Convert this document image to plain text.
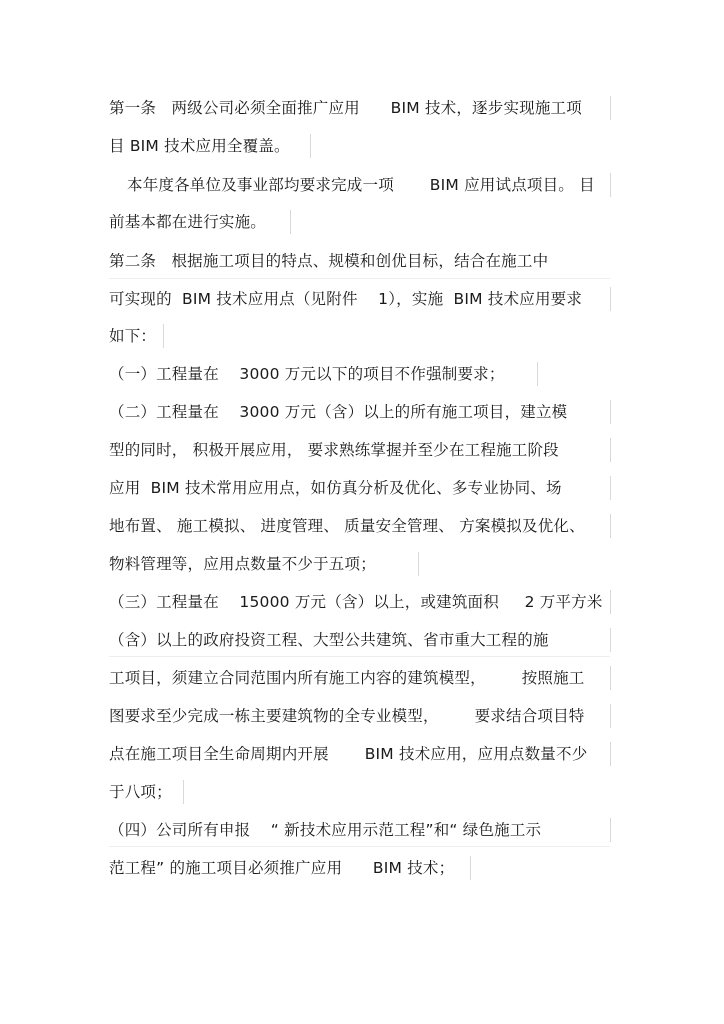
第一条   两级公司必须全面推广应用      BIM 技术，逐步实现施工项
目 BIM 技术应用全覆盖。
本年度各单位及事业部均要求完成一项       BIM 应用试点项目。 目
前基本都在进行实施。
第二条   根据施工项目的特点、规模和创优目标，结合在施工中
可实现的  BIM 技术应用点（见附件    1），实施  BIM 技术应用要求
如下：
（一）工程量在    3000 万元以下的项目不作强制要求；
（二）工程量在    3000 万元（含）以上的所有施工项目，建立模
型的同时， 积极开展应用， 要求熟练掌握并至少在工程施工阶段
应用  BIM 技术常用应用点，如仿真分析及优化、多专业协同、场
地布置、 施工模拟、 进度管理、 质量安全管理、 方案模拟及优化、
物料管理等，应用点数量不少于五项；
（三）工程量在    15000 万元（含）以上，或建筑面积     2 万平方米
（含）以上的政府投资工程、大型公共建筑、省市重大工程的施
工项目，须建立合同范围内所有施工内容的建筑模型，       按照施工
图要求至少完成一栋主要建筑物的全专业模型，       要求结合项目特
点在施工项目全生命周期内开展       BIM 技术应用，应用点数量不少
于八项；
（四）公司所有申报    “ 新技术应用示范工程”和“ 绿色施工示
范工程” 的施工项目必须推广应用      BIM 技术；
